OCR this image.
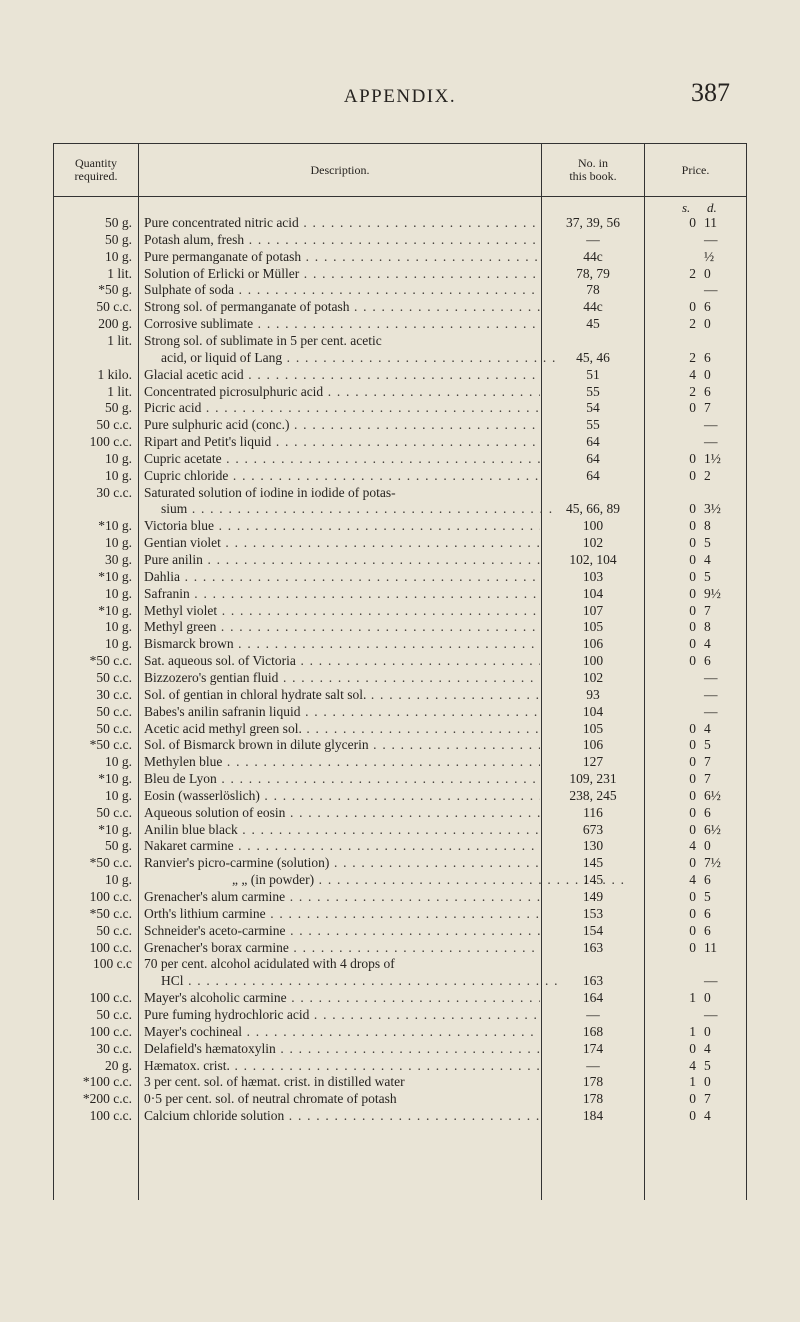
APPENDIX.	387
Quantity
required.	Description.	No. in
this book.	Price.
s. d.
50 g. Pure concentrated nitric acid . . .	37, 39, 56	0 11
50 g. Potash alum, fresh . . .	—	—
10 g. Pure permanganate of potash . . .	44c	½
1 lit. Solution of Erlicki or Müller . . .	78, 79	2 0
*50 g. Sulphate of soda . . .	78	—
50 c.c. Strong sol. of permanganate of potash . . .	44c	0 6
200 g. Corrosive sublimate . . .	45	2 0
1 lit. Strong sol. of sublimate in 5 per cent. acetic
acid, or liquid of Lang . . .	45, 46	2 6
1 kilo. Glacial acetic acid . . .	51	4 0
1 lit. Concentrated picrosulphuric acid . . .	55	2 6
50 g. Picric acid . . .	54	0 7
50 c.c. Pure sulphuric acid (conc.) . . .	55	—
100 c.c. Ripart and Petit's liquid . . .	64	—
10 g. Cupric acetate . . .	64	0 1½
10 g. Cupric chloride . . .	64	0 2
30 c.c. Saturated solution of iodine in iodide of potas-
sium . . .	45, 66, 89	0 3½
*10 g. Victoria blue . . .	100	0 8
10 g. Gentian violet . . .	102	0 5
30 g. Pure anilin . . .	102, 104	0 4
*10 g. Dahlia . . .	103	0 5
10 g. Safranin . . .	104	0 9½
*10 g. Methyl violet . . .	107	0 7
10 g. Methyl green . . .	105	0 8
10 g. Bismarck brown . . .	106	0 4
*50 c.c. Sat. aqueous sol. of Victoria . . .	100	0 6
50 c.c. Bizzozero's gentian fluid . . .	102	—
30 c.c. Sol. of gentian in chloral hydrate salt sol. . . .	93	—
50 c.c. Babes's anilin safranin liquid . . .	104	—
50 c.c. Acetic acid methyl green sol. . . .	105	0 4
*50 c.c. Sol. of Bismarck brown in dilute glycerin . . .	106	0 5
10 g. Methylen blue . . .	127	0 7
*10 g. Bleu de Lyon . . .	109, 231	0 7
10 g. Eosin (wasserlöslich) . . .	238, 245	0 6½
50 c.c. Aqueous solution of eosin . . .	116	0 6
*10 g. Anilin blue black . . .	673	0 6½
50 g. Nakaret carmine . . .	130	4 0
*50 c.c. Ranvier's picro-carmine (solution) . . .	145	0 7½
10 g.	„ „ (in powder) . . .	145	4 6
100 c.c. Grenacher's alum carmine . . .	149	0 5
*50 c.c. Orth's lithium carmine . . .	153	0 6
50 c.c. Schneider's aceto-carmine . . .	154	0 6
100 c.c. Grenacher's borax carmine . . .	163	0 11
100 c.c 70 per cent. alcohol acidulated with 4 drops of
HCl . . .	163	—
100 c.c. Mayer's alcoholic carmine . . .	164	1 0
50 c.c. Pure fuming hydrochloric acid . . .	—	—
100 c.c. Mayer's cochineal . . .	168	1 0
30 c.c. Delafield's hæmatoxylin . . .	174	0 4
20 g. Hæmatox. crist. . . .	—	4 5
*100 c.c. 3 per cent. sol. of hæmat. crist. in distilled water	178	1 0
*200 c.c. 0·5 per cent. sol. of neutral chromate of potash	178	0 7
100 c.c. Calcium chloride solution . . .	184	0 4
